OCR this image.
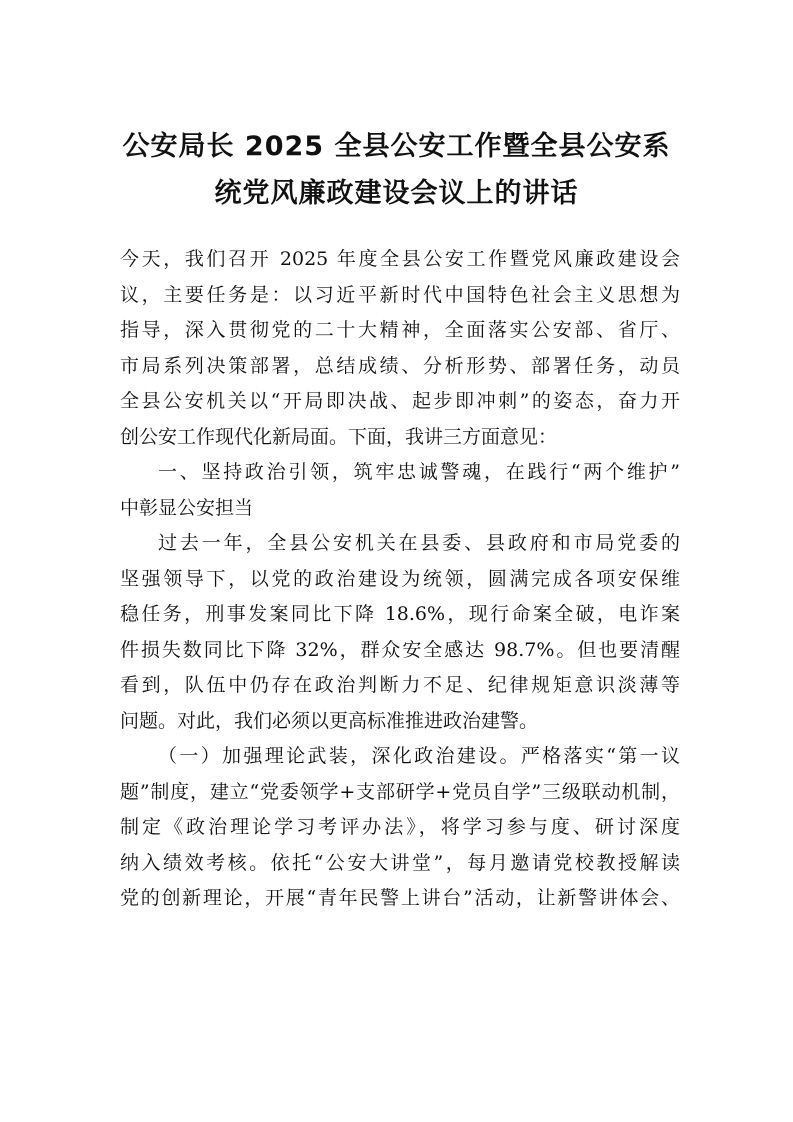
公安局长 2025 全县公安工作暨全县公安系
统党风廉政建设会议上的讲话
今天，我们召开 2025 年度全县公安工作暨党风廉政建设会
议，主要任务是：以习近平新时代中国特色社会主义思想为
指导，深入贯彻党的二十大精神，全面落实公安部、省厅、
市局系列决策部署，总结成绩、分析形势、部署任务，动员
全县公安机关以“开局即决战、起步即冲刺”的姿态，奋力开
创公安工作现代化新局面。下面，我讲三方面意见：
一、坚持政治引领，筑牢忠诚警魂，在践行“两个维护”
中彰显公安担当
过去一年，全县公安机关在县委、县政府和市局党委的
坚强领导下，以党的政治建设为统领，圆满完成各项安保维
稳任务，刑事发案同比下降 18.6%，现行命案全破，电诈案
件损失数同比下降 32%，群众安全感达 98.7%。但也要清醒
看到，队伍中仍存在政治判断力不足、纪律规矩意识淡薄等
问题。对此，我们必须以更高标准推进政治建警。
（一）加强理论武装，深化政治建设。严格落实“第一议
题”制度，建立“党委领学+支部研学+党员自学”三级联动机制，
制定《政治理论学习考评办法》，将学习参与度、研讨深度
纳入绩效考核。依托“公安大讲堂”，每月邀请党校教授解读
党的创新理论，开展“青年民警上讲台”活动，让新警讲体会、
